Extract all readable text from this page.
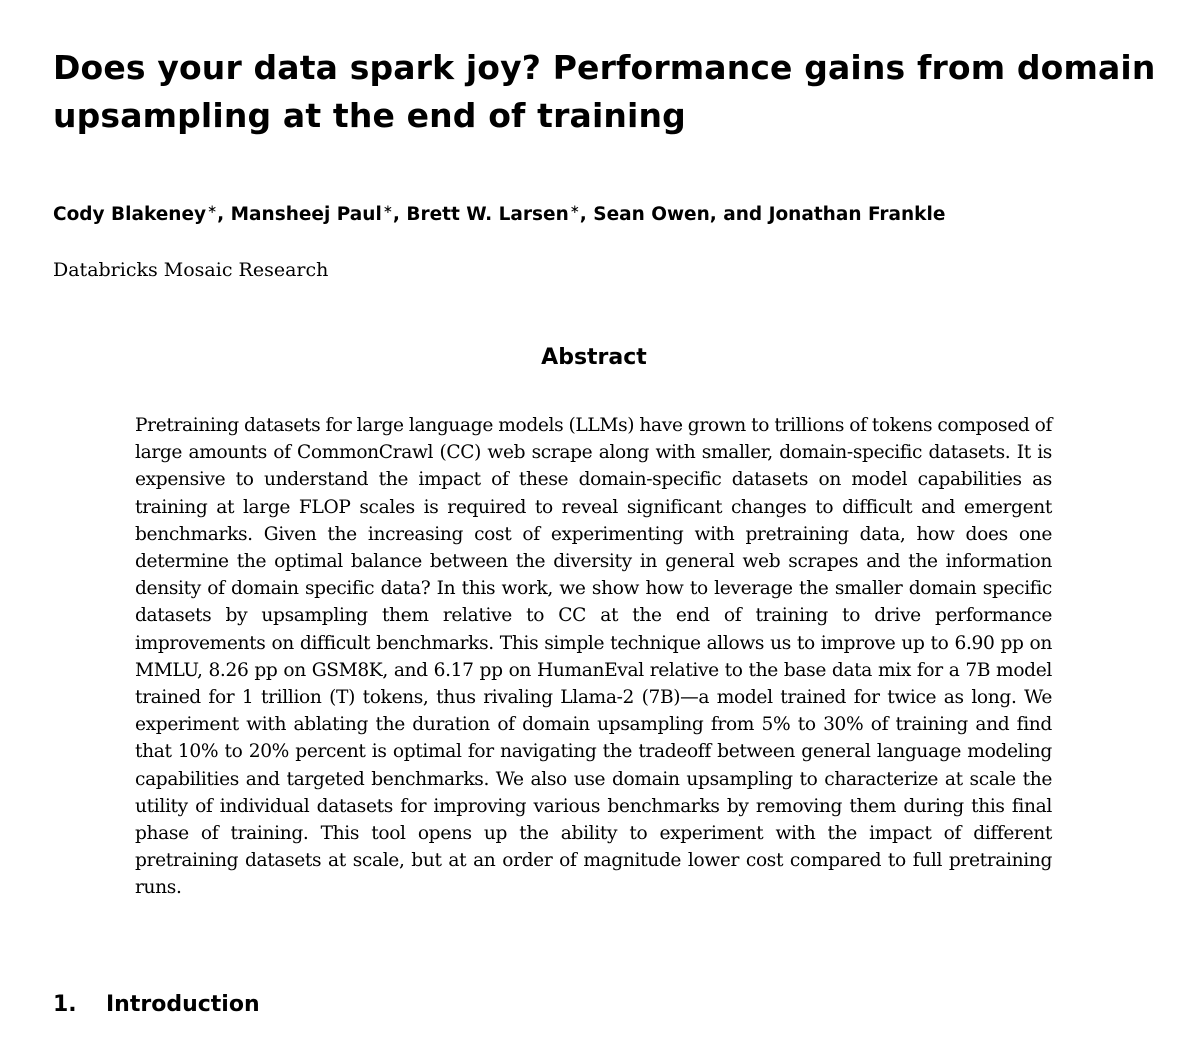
Does your data spark joy? Performance gains from domain upsampling at the end of training
Cody Blakeney∗, Mansheej Paul∗, Brett W. Larsen∗, Sean Owen, and Jonathan Frankle
Databricks Mosaic Research
Abstract

Pretraining datasets for large language models (LLMs) have grown to trillions of tokens composed of large amounts of CommonCrawl (CC) web scrape along with smaller, domain-specific datasets. It is expensive to understand the impact of these domain-specific datasets on model capabilities as training at large FLOP scales is required to reveal significant changes to difficult and emergent benchmarks. Given the increasing cost of experimenting with pretraining data, how does one determine the optimal balance between the diversity in general web scrapes and the information density of domain specific data? In this work, we show how to leverage the smaller domain specific datasets by upsampling them relative to CC at the end of training to drive performance improvements on difficult benchmarks. This simple technique allows us to improve up to 6.90 pp on MMLU, 8.26 pp on GSM8K, and 6.17 pp on HumanEval relative to the base data mix for a 7B model trained for 1 trillion (T) tokens, thus rivaling Llama-2 (7B)—a model trained for twice as long. We experiment with ablating the duration of domain upsampling from 5% to 30% of training and find that 10% to 20% percent is optimal for navigating the tradeoff between general language modeling capabilities and targeted benchmarks. We also use domain upsampling to characterize at scale the utility of individual datasets for improving various benchmarks by removing them during this final phase of training. This tool opens up the ability to experiment with the impact of different pretraining datasets at scale, but at an order of magnitude lower cost compared to full pretraining runs.

1. Introduction
